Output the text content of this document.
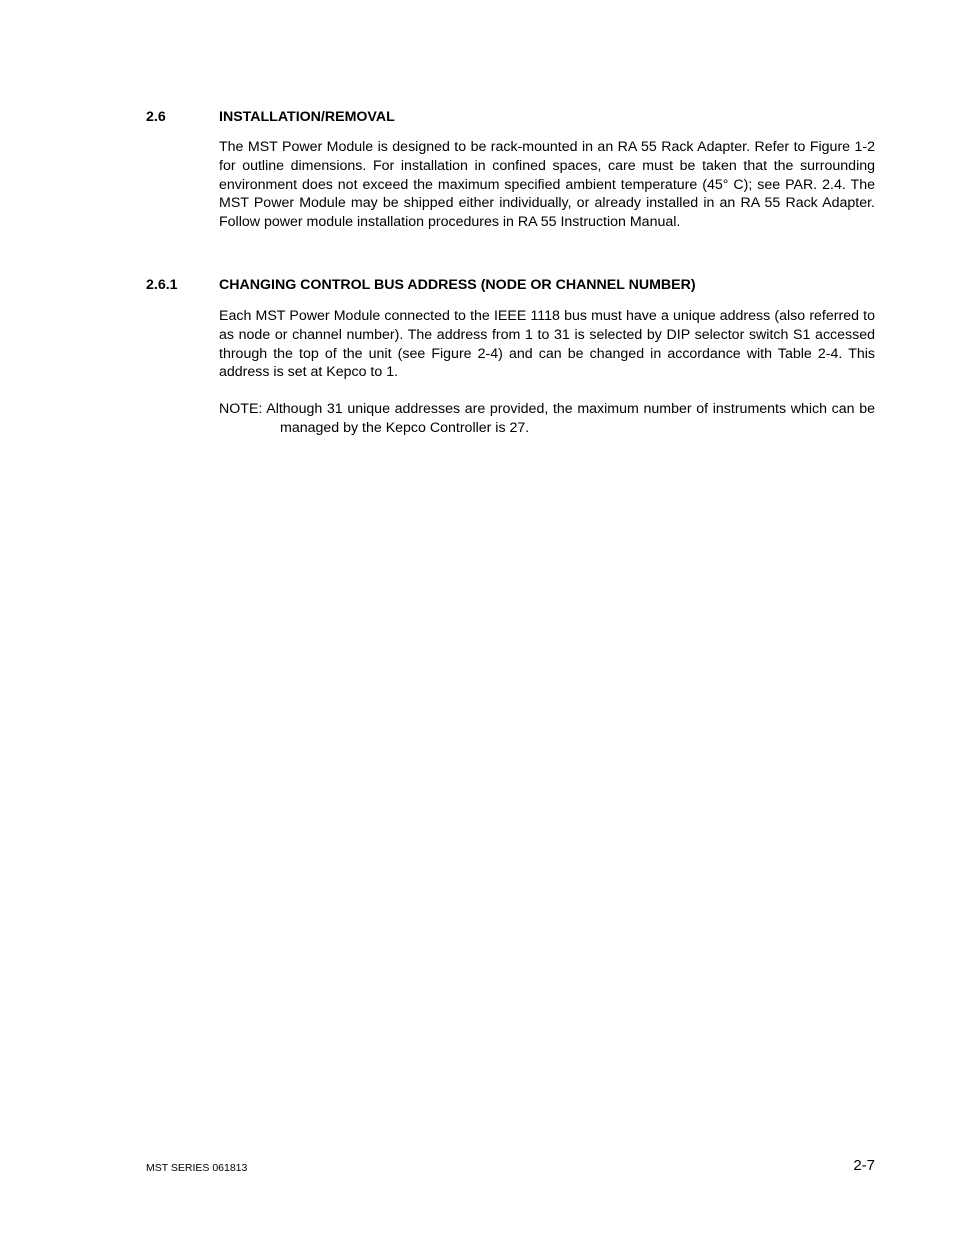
2.6	INSTALLATION/REMOVAL

The MST Power Module is designed to be rack-mounted in an RA 55 Rack Adapter. Refer to Figure 1-2 for outline dimensions. For installation in confined spaces, care must be taken that the surrounding environment does not exceed the maximum specified ambient temperature (45° C); see PAR. 2.4. The MST Power Module may be shipped either individually, or already installed in an RA 55 Rack Adapter. Follow power module installation procedures in RA 55 Instruction Manual.

2.6.1	CHANGING CONTROL BUS ADDRESS (NODE OR CHANNEL NUMBER)

Each MST Power Module connected to the IEEE 1118 bus must have a unique address (also referred to as node or channel number). The address from 1 to 31 is selected by DIP selector switch S1 accessed through the top of the unit (see Figure 2-4) and can be changed in accordance with Table 2-4. This address is set at Kepco to 1.

NOTE: Although 31 unique addresses are provided, the maximum number of instruments which can be managed by the Kepco Controller is 27.

MST SERIES 061813	2-7
